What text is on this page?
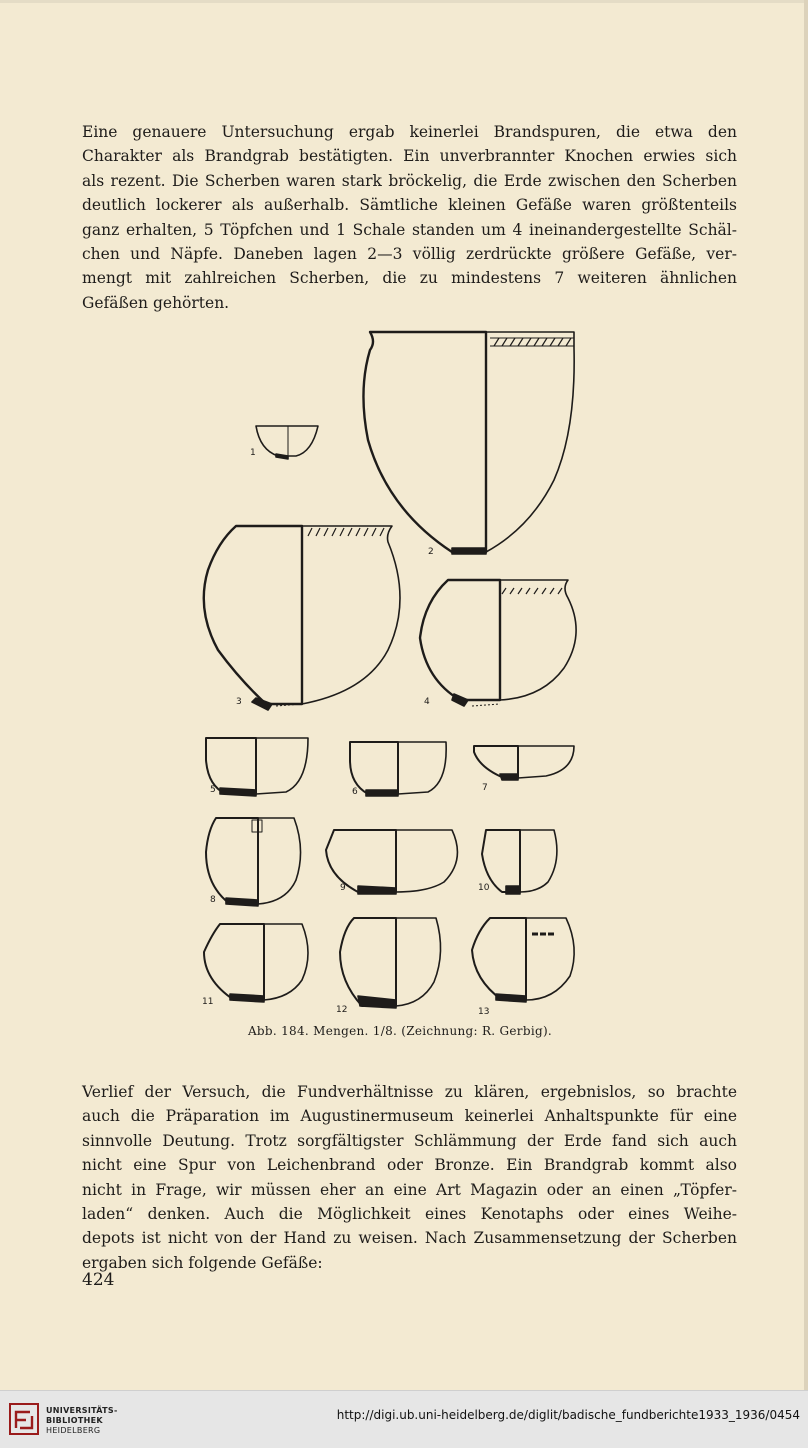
Eine genauere Untersuchung ergab keinerlei Brandspuren, die etwa den
Charakter als Brandgrab bestätigten. Ein unverbrannter Knochen erwies sich
als rezent. Die Scherben waren stark bröckelig, die Erde zwischen den Scherben
deutlich lockerer als außerhalb. Sämtliche kleinen Gefäße waren größtenteils
ganz erhalten, 5 Töpfchen und 1 Schale standen um 4 ineinandergestellte Schäl-
chen und Näpfe. Daneben lagen 2—3 völlig zerdrückte größere Gefäße, ver-
mengt mit zahlreichen Scherben, die zu mindestens 7 weiteren ähnlichen
Gefäßen gehörten.
1
2
3	4
5	6	7
8
9	10
11
12	13
Abb. 184. Mengen. 1/8. (Zeichnung: R. Gerbig).
Verlief der Versuch, die Fundverhältnisse zu klären, ergebnislos, so brachte
auch die Präparation im Augustinermuseum keinerlei Anhaltspunkte für eine
sinnvolle Deutung. Trotz sorgfältigster Schlämmung der Erde fand sich auch
nicht eine Spur von Leichenbrand oder Bronze. Ein Brandgrab kommt also
nicht in Frage, wir müssen eher an eine Art Magazin oder an einen „Töpfer-
laden“ denken. Auch die Möglichkeit eines Kenotaphs oder eines Weihe-
depots ist nicht von der Hand zu weisen. Nach Zusammensetzung der Scherben
ergaben sich folgende Gefäße:
424
UNIVERSITÄTS-
BIBLIOTHEK
HEIDELBERG
http://digi.ub.uni-heidelberg.de/diglit/badische_fundberichte1933_1936/0454
